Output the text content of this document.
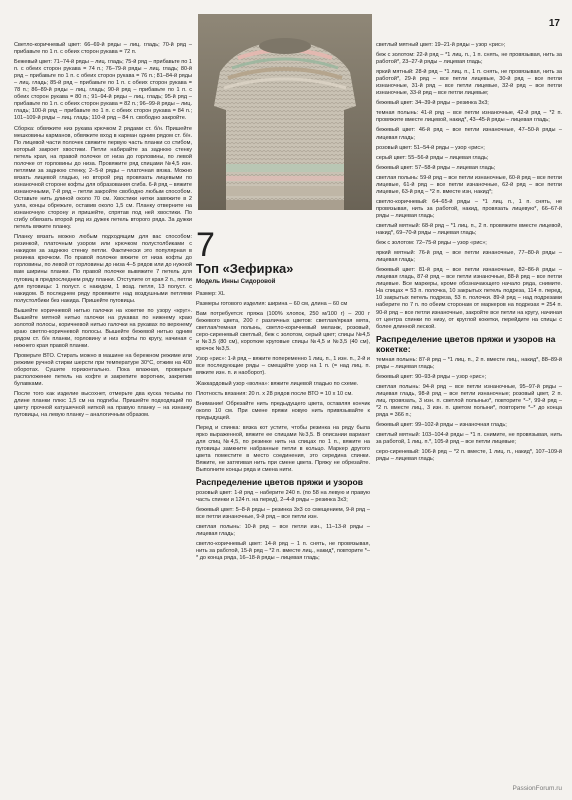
17

Светло-коричневый цвет: 66–69-й ряды – лиц. гладь; 70-й ряд – прибавьте по 1 п. с обеих сторон рукава = 72 п.

Бежевый цвет: 71–74-й ряды – лиц. гладь; 75-й ряд – прибавьте по 1 п. с обеих сторон рукава = 74 п.; 76–79-й ряды – лиц. гладь; 80-й ряд – прибавьте по 1 п. с обеих сторон рукава = 76 п.; 81–84-й ряды – лиц. гладь; 85-й ряд – прибавьте по 1 п. с обеих сторон рукава = 78 п.; 86–89-й ряды – лиц. гладь; 90-й ряд – прибавьте по 1 п. с обеих сторон рукава = 80 п.; 91–94-й ряды – лиц. гладь; 95-й ряд – прибавьте по 1 п. с обеих сторон рукава = 82 п.; 96–99-й ряды – лиц. гладь; 100-й ряд – прибавьте по 1 п. с обеих сторон рукава = 84 п.; 101–109-й ряды – лиц. гладь; 110-й ряд – 84 п. свободно закройте.

Сборка: обвяжите низ рукава крючком 2 рядами ст. б/н. Пришейте мешковины карманов, обвяжите вход в карман одним рядом ст. б/н. По лицевой части полочек свяжите первую часть планки со стибом, который закроет хвостики. Петли набирайте за заднюю стенку петель края, на правой полочке от низа до горловины, по левой полочке от горловины до низа. Провяжите ряд спицами №4,5 изн. петлями за заднюю стенку, 2–5-й ряды – платочная вязка. Можно вязать лицевой гладью, но второй ряд провязать лицевыми по изнаночной стороне кофты для образования сгиба. 6-й ряд – вяжите изнаночными, 7-й ряд – петли закройте свободно любым способом. Оставьте нить длиной около 70 см. Хвостики нитки завяжите в 2 узла, концы обрежьте, оставив около 1,5 см. Планку отверните на изнаночную сторону и пришейте, спрятав под ней хвостики. По сгибу обвязать второй ряд из дужек петель второго ряда. За дужки петель вяжите планку.

Планку вязать можно любым подходящим для вас способом: резинкой, платочным узором или крючком полустолбиками с накидом за заднюю стенку петли. Фактически это популярная в резинка крючком. По правой полочке вяжите от низа кофты до горловины, по левой от горловины до низа 4–5 рядов или до нужной вам ширины планки. По правой полочке вывяжите 7 петель для пуговиц в предпоследнем ряду планки. Отступите от края 2 п., петли для пуговицы: 1 полуст. с накидом, 1 возд. петля, 13 полуст. с накидом. В последнем ряду провяжите над воздушными петлями полустолбики без накида. Пришейте пуговицы.

Вышейте коричневой нитью галочки на кокетке по узору «круг». Вышейте мятной нитью галочки на рукавах по нижнему краю золотой полосы, коричневой нитью галочки на рукавах по верхнему краю светло-коричневой полосы. Вышейте бежевой нитью одним рядом ст. б/н планки, горловину и низ кофты по кругу, начиная с нижнего края правой планки.

Проверьте ВТО. Стирать можно в машине на бережном режиме или режиме ручной стирки шерсти при температуре 30°С, отжим на 400 оборотах. Сушите горизонтально. Пока влажная, проверьте расположение петель на кофте и закрепите воротник, закрепив булавками.

После того как изделие высохнет, отмерьте два куска тесьмы по длине планки плюс 1,5 см на подгибы. Пришейте подходящий по цвету прочной катушечной ниткой на правую планку – на изнанку пуговицы, на левую планку – аналогичным образом.

7
Топ «Зефирка»
Модель Инны Сидоровой

Размер: XL

Размеры готового изделия: ширина – 60 см, длина – 60 см

Вам потребуется: пряжа (100% хлопок, 250 м/100 г) – 200 г бежевого цвета, 200 г различных цветов: светлая/яркая мята, светлая/темная полынь, светло-коричневый меланж, розовый, серо-сиреневый светлый, беж с золотом, серый цвет; спицы №4,5 и №3,5 (80 см), короткие круговые спицы №4,5 и №3,5 (40 см), крючок №3,5.

Узор «рис»: 1-й ряд – вяжите попеременно 1 лиц. п., 1 изн. п., 2-й и все последующие ряды – смещайте узор на 1 п. (= над лиц. п. вяжите изн. п. и наоборот).

Жаккардовый узор «волна»: вяжите лицевой гладью по схеме.

Плотность вязания: 20 п. х 28 рядов после ВТО = 10 х 10 см.

Внимание! Обрезайте нить предыдущего цвета, оставляя кончик около 10 см. При смене пряжи новую нить привязывайте к предыдущей.

Перед и спинка: вязка кот устите, чтобы резинка на ряду была ярко выраженной, вяжите ее спицами №3,5. В описании вариант для спиц №4,5, по резинке нить на спицах по 1 п., вяжите на пуговицы замкните набранные петли в кольцо. Маркер другого цвета поместите в место соединения, это середина спинки. Вяжите, не затягивая нить при смене цвета. Пряжу не обрезайте. Выполните концы ряда и смена нити.

Распределение цветов пряжи и узоров

розовый цвет: 1-й ряд – наберите 240 п. (по 58 на левую и правую часть спинки и 124 п. на перед), 2–4-й ряды – резинка 3х3;

бежевый цвет: 5–8-й ряды – резинка 3х3 со смещением, 9-й ряд – все петли изнаночные, 9-й ряд – все петли изн.

светлая полынь: 10-й ряд – все петли изн., 11–13-й ряды – лицевая гладь;

светло-коричневый цвет: 14-й ряд – 1 п. снять, не провязывая, нить за работой, 15-й ряд – *2 п. вместе лиц., накид*, повторите *–* до конца ряда, 16–18-й ряды – лицевая гладь;

светлый мятный цвет: 19–21-й ряды – узор «рис»;

беж с золотом: 22-й ряд – *1 лиц. п., 1 п. снять, не провязывая, нить за работой*, 23–27-й ряды – лицевая гладь;

яркий мятный: 28-й ряд – *1 лиц. п., 1 п. снять, не провязывая, нить за работой*, 29-й ряд – все петли лицевые, 30-й ряд – все петли изнаночные, 31-й ряд – все петли лицевые, 32-й ряд – все петли изнаночные, 33-й ряд – все петли лицевые;

бежевый цвет: 34–39-й ряды – резинка 3х3;

темная полынь: 41-й ряд – все петли изнаночные, 42-й ряд – *2 п. провяжите вместе лицевой, накид*, 43–45-й ряды – лицевая гладь;

бежевый цвет: 46-й ряд – все петли изнаночные, 47–50-й ряды – лицевая гладь;

розовый цвет: 51–54-й ряды – узор «рис»;

серый цвет: 55–56-й ряды – лицевая гладь;

бежевый цвет: 57–58-й ряды – лицевая гладь;

светлая полынь: 59-й ряд – все петли изнаночные, 60-й ряд – все петли лицевые, 61-й ряд – все петли изнаночные, 62-й ряд – все петли лицевые, 63-й ряд – *2 п. вместе изн, накид*;

светло-коричневый: 64–65-й ряды – *1 лиц. п., 1 п. снять, не провязывая, нить за работой, накид, провязать лицевую*, 66–67-й ряды – лицевая гладь;

светлый мятный: 68-й ряд – *1 лиц. п., 2 п. провяжите вместе лицевой, накид*, 69–70-й ряды – лицевая гладь;

беж с золотом: 72–75-й ряды – узор «рис»;

яркий мятный: 76-й ряд – все петли изнаночные, 77–80-й ряды – лицевая гладь;

бежевый цвет: 81-й ряд – все петли изнаночные, 82–86-й ряды – лицевая гладь, 87-й ряд – все петли изнаночные, 88-й ряд – все петли лицевые. Все маркеры, кроме обозначающего начало ряда, снимите. На спицах = 53 п. полочка, 10 закрытых петель подреза, 114 п. перед, 10 закрытых петель подреза, 53 п. полочки. 89-й ряд – над подрезами наберите по 7 п. по обеим сторонам от маркеров на подрезах = 254 п. 90-й ряд – все петли изнаночные, закройте все петли на кругу, начиная от центра спинки по низу, от круглой кокетки, перейдите на спицы с более длинной леской.

Распределение цветов пряжи и узоров на кокетке:

темная полынь: 87-й ряд – *1 лиц. п., 2 п. вместе лиц., накид*, 88–89-й ряды – лицевая гладь;

бежевый цвет: 90–93-й ряды – узор «рис»;

светлая полынь: 94-й ряд – все петли изнаночные, 95–97-й ряды – лицевая гладь, 98-й ряд – все петли изнаночные; розовый цвет, 2 п. лиц. провязать, 3 изн. п. светлой полынью*, повторите *–*, 99-й ряд – *2 п. вместе лиц., 3 изн. п. цветом полыни*, повторите *–* до конца ряда = 366 п.;

бежевый цвет: 99–102-й ряды – изнаночная гладь;

светлый мятный: 103–104-й ряды – *1 п. снимите, не провязывая, нить за работой, 1 лиц. п.*, 105-й ряд – все петли лицевые;

серо-сиреневый: 106-й ряд – *2 п. вместе, 1 лиц. п., накид*, 107–109-й ряды – лицевая гладь;

PassionForum.ru
